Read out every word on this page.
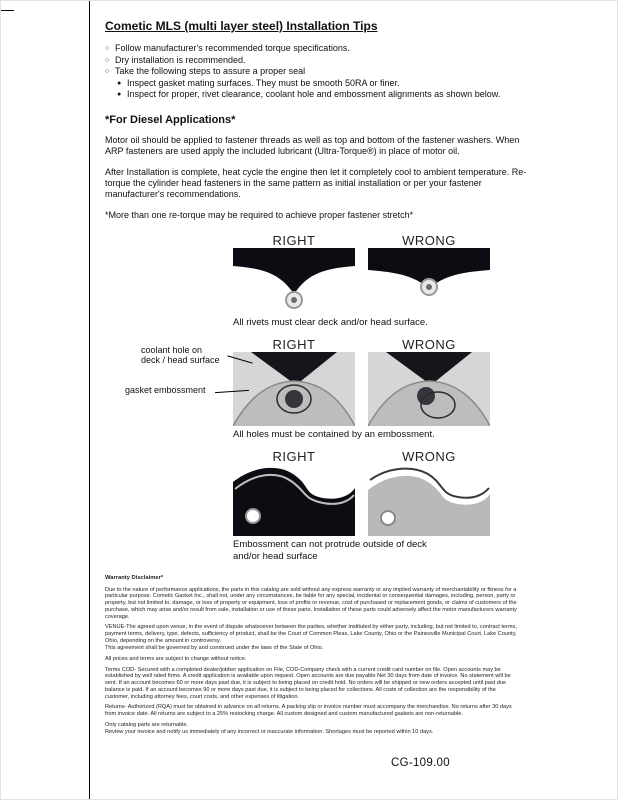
Cometic MLS (multi layer steel) Installation Tips
○ Follow manufacturer's recommended torque specifications.
○ Dry installation is recommended.
○ Take the following steps to assure a proper seal
● Inspect gasket mating surfaces. They must be smooth 50RA or finer.
● Inspect for proper, rivet clearance, coolant hole and embossment alignments as shown below.
*For Diesel Applications*

Motor oil should be applied to fastener threads as well as top and bottom of the fastener washers. When ARP fasteners are used apply the included lubricant (Ultra-Torque®) in place of motor oil.

After Installation is complete, heat cycle the engine then let it completely cool to ambient temperature. Re-torque the cylinder head fasteners in the same pattern as initial installation or per your fastener manufacturer's recommendations.

*More than one re-torque may be required to achieve proper fastener stretch*

RIGHT	WRONG
All rivets must clear deck and/or head surface.
coolant hole on
deck / head surface
gasket embossment
RIGHT	WRONG
All holes must be contained by an embossment.
RIGHT	WRONG
Embossment can not protrude outside of deck and/or head surface

Warranty Disclaimer*

Due to the nature of performance applications, the parts in this catalog are sold without any express warranty or any implied warranty of merchantability or fitness for a particular purpose. Cometic Gasket Inc., shall not, under any circumstances, be liable for any special, incidental or consequential damages, including, person, party or property, but not limited to, damage, or loss of property or equipment, loss of profits or revenue, cost of purchased or replacement goods, or claims of customers of the purchase, which may arise and/or result from sale, installation or use of these parts. Installation of these parts could adversely affect the motor manufacturers warranty coverage.

VENUE-The agreed upon venue, in the event of dispute whatsoever between the parties, whether instituted by either party, including, but not limited to, contract terms, payment terms, delivery, type, defects, sufficiency of product, shall be the Court of Common Pleas, Lake County, Ohio or the Painesville Municipal Court, Lake County, Ohio, depending on the amount in controversy.

This agreement shall be governed by and construed under the laws of the State of Ohio.

All prices and terms are subject to change without notice.

Terms COD- Secured with a completed dealer/jobber application on File, COD-Company check with a current credit card number on file. Open accounts may be established by well rated firms. A credit application is available upon request. Open accounts are due payable Net 30 days from date of invoice. No statement will be sent. If an account becomes 60 or more days past due, it is subject to being placed on credit hold. No orders will be shipped or new orders accepted until past due balance is paid. If an account becomes 90 or more days past due, it is subject to being placed for collections. All costs of collection are the responsibility of the customer, including attorney fees, court costs, and other expenses of litigation.

Returns- Authorized (RQA) must be obtained in advance on all returns. A packing slip or invoice number must accompany the merchandise. No returns after 30 days from invoice date. All returns are subject to a 25% restocking charge. All custom designed and custom manufactured gaskets are non-returnable.

Only catalog parts are returnable.

Review your invoice and notify us immediately of any incorrect or inaccurate information. Shortages must be reported within 10 days.

CG-109.00
